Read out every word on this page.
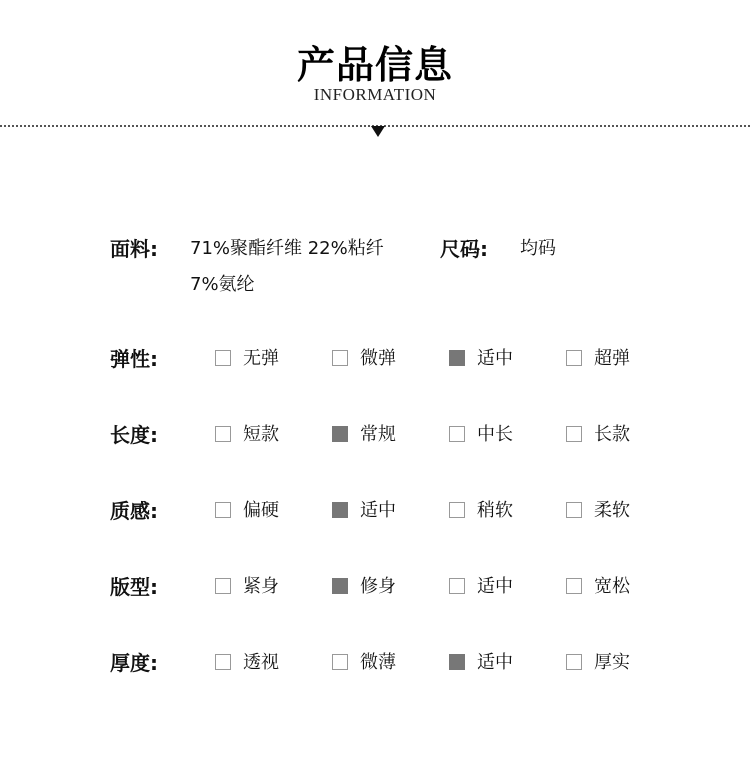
产品信息
INFORMATION
面料: 71%聚酯纤维 22%粘纤
7%氨纶
尺码: 均码
弹性:	无弹	微弹	适中	超弹
长度:	短款	常规	中长	长款
质感:	偏硬	适中	稍软	柔软
版型:	紧身	修身	适中	宽松
厚度:	透视	微薄	适中	厚实
